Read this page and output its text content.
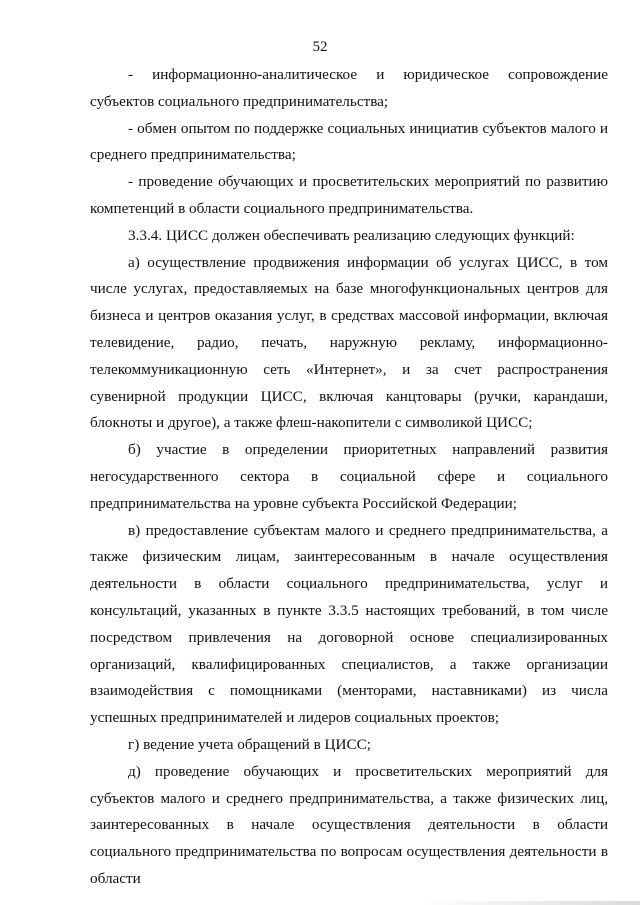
52

- информационно-аналитическое и юридическое сопровождение субъектов социального предпринимательства;

- обмен опытом по поддержке социальных инициатив субъектов малого и среднего предпринимательства;

- проведение обучающих и просветительских мероприятий по развитию компетенций в области социального предпринимательства.

3.3.4. ЦИСС должен обеспечивать реализацию следующих функций:

а) осуществление продвижения информации об услугах ЦИСС, в том числе услугах, предоставляемых на базе многофункциональных центров для бизнеса и центров оказания услуг, в средствах массовой информации, включая телевидение, радио, печать, наружную рекламу, информационно-телекоммуникационную сеть «Интернет», и за счет распространения сувенирной продукции ЦИСС, включая канцтовары (ручки, карандаши, блокноты и другое), а также флеш-накопители с символикой ЦИСС;

б) участие в определении приоритетных направлений развития негосударственного сектора в социальной сфере и социального предпринимательства на уровне субъекта Российской Федерации;

в) предоставление субъектам малого и среднего предпринимательства, а также физическим лицам, заинтересованным в начале осуществления деятельности в области социального предпринимательства, услуг и консультаций, указанных в пункте 3.3.5 настоящих требований, в том числе посредством привлечения на договорной основе специализированных организаций, квалифицированных специалистов, а также организации взаимодействия с помощниками (менторами, наставниками) из числа успешных предпринимателей и лидеров социальных проектов;

г) ведение учета обращений в ЦИСС;

д) проведение обучающих и просветительских мероприятий для субъектов малого и среднего предпринимательства, а также физических лиц, заинтересованных в начале осуществления деятельности в области социального предпринимательства по вопросам осуществления деятельности в области
